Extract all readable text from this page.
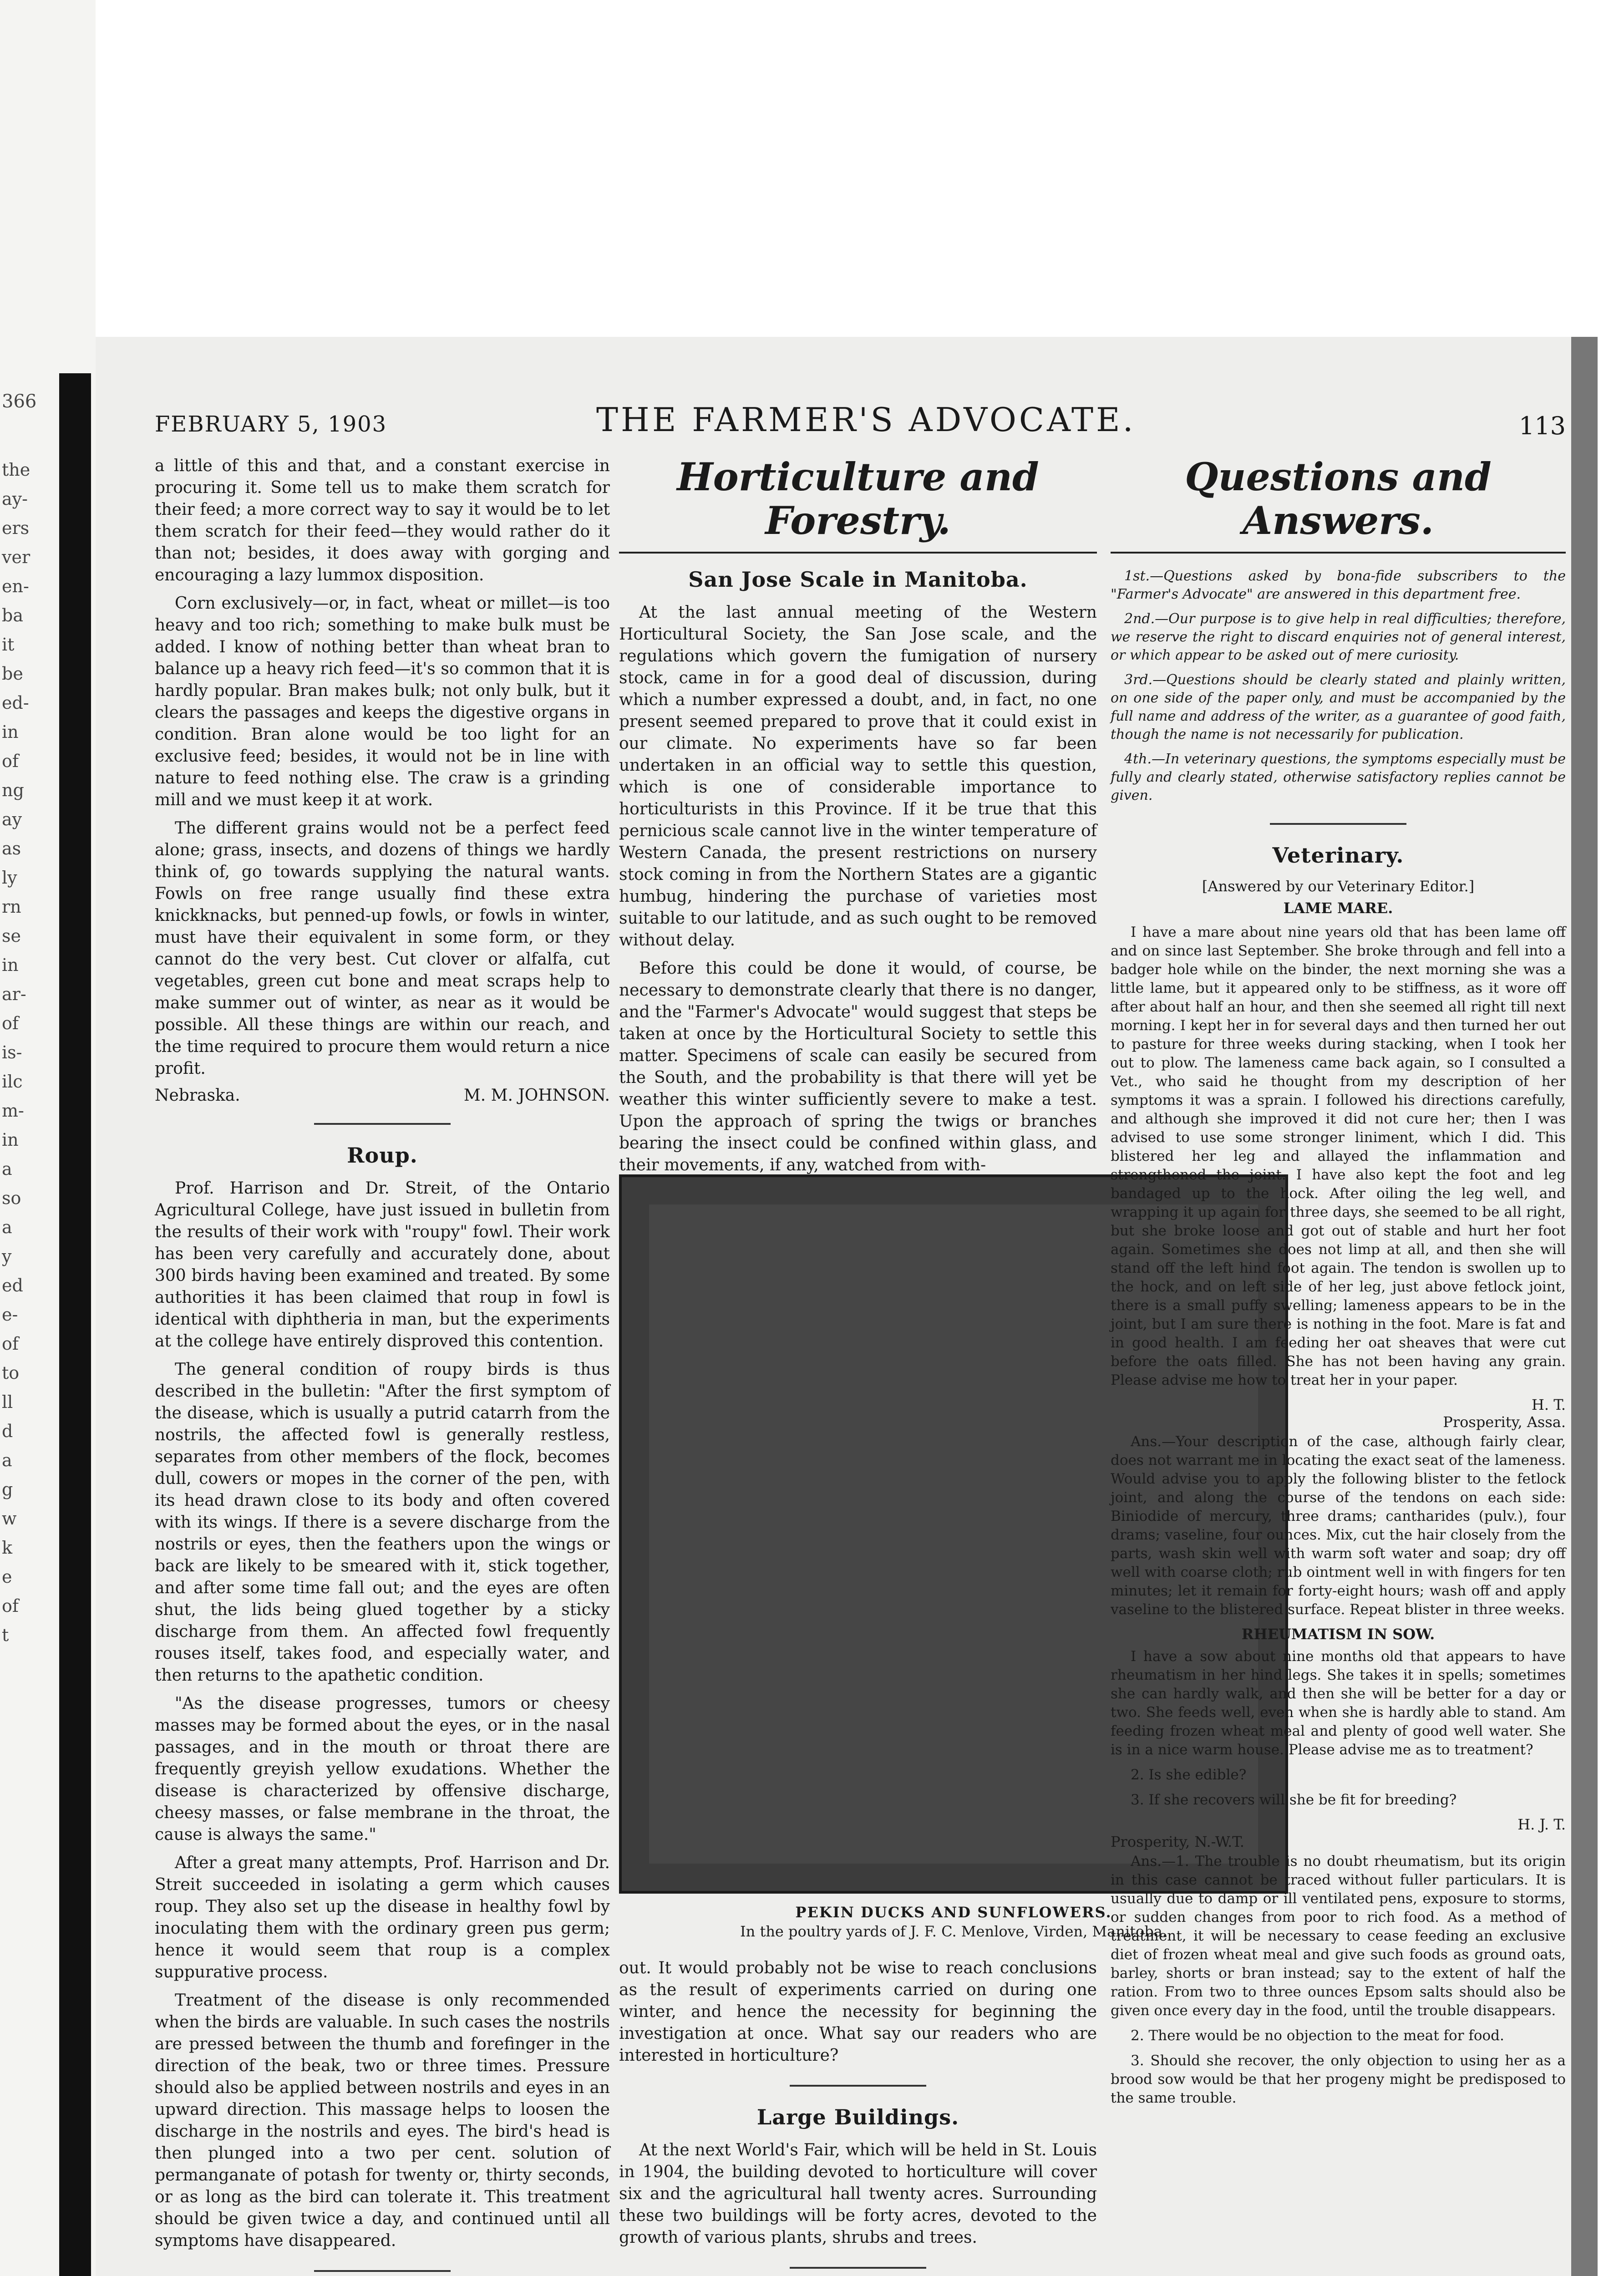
366
the
ay-
ers
ver
en-
ba
it
be
ed-
in
of
ng
ay
as
ly
rn
se
in
ar-
of
is-
ilc
m-
in
a
so
a
y
ed
e-
of
to
ll
d
a
g
w
k
e
of
t
FEBRUARY 5, 1903	THE FARMER'S ADVOCATE.	113

a little of this and that, and a constant exercise in procuring it. Some tell us to make them scratch for their feed; a more correct way to say it would be to let them scratch for their feed—they would rather do it than not; besides, it does away with gorging and encouraging a lazy lummox disposition.

Corn exclusively—or, in fact, wheat or millet—is too heavy and too rich; something to make bulk must be added. I know of nothing better than wheat bran to balance up a heavy rich feed—it's so common that it is hardly popular. Bran makes bulk; not only bulk, but it clears the passages and keeps the digestive organs in condition. Bran alone would be too light for an exclusive feed; besides, it would not be in line with nature to feed nothing else. The craw is a grinding mill and we must keep it at work.

The different grains would not be a perfect feed alone; grass, insects, and dozens of things we hardly think of, go towards supplying the natural wants. Fowls on free range usually find these extra knickknacks, but penned-up fowls, or fowls in winter, must have their equivalent in some form, or they cannot do the very best. Cut clover or alfalfa, cut vegetables, green cut bone and meat scraps help to make summer out of winter, as near as it would be possible. All these things are within our reach, and the time required to procure them would return a nice profit.

Nebraska.	M. M. JOHNSON.
Roup.

Prof. Harrison and Dr. Streit, of the Ontario Agricultural College, have just issued in bulletin from the results of their work with "roupy" fowl. Their work has been very carefully and accurately done, about 300 birds having been examined and treated. By some authorities it has been claimed that roup in fowl is identical with diphtheria in man, but the experiments at the college have entirely disproved this contention.

The general condition of roupy birds is thus described in the bulletin: "After the first symptom of the disease, which is usually a putrid catarrh from the nostrils, the affected fowl is generally restless, separates from other members of the flock, becomes dull, cowers or mopes in the corner of the pen, with its head drawn close to its body and often covered with its wings. If there is a severe discharge from the nostrils or eyes, then the feathers upon the wings or back are likely to be smeared with it, stick together, and after some time fall out; and the eyes are often shut, the lids being glued together by a sticky discharge from them. An affected fowl frequently rouses itself, takes food, and especially water, and then returns to the apathetic condition.

"As the disease progresses, tumors or cheesy masses may be formed about the eyes, or in the nasal passages, and in the mouth or throat there are frequently greyish yellow exudations. Whether the disease is characterized by offensive discharge, cheesy masses, or false membrane in the throat, the cause is always the same."

After a great many attempts, Prof. Harrison and Dr. Streit succeeded in isolating a germ which causes roup. They also set up the disease in healthy fowl by inoculating them with the ordinary green pus germ; hence it would seem that roup is a complex suppurative process.

Treatment of the disease is only recommended when the birds are valuable. In such cases the nostrils are pressed between the thumb and forefinger in the direction of the beak, two or three times. Pressure should also be applied between nostrils and eyes in an upward direction. This massage helps to loosen the discharge in the nostrils and eyes. The bird's head is then plunged into a two per cent. solution of permanganate of potash for twenty or, thirty seconds, or as long as the bird can tolerate it. This treatment should be given twice a day, and continued until all symptoms have disappeared.

Horticulture and Forestry.
San Jose Scale in Manitoba.

At the last annual meeting of the Western Horticultural Society, the San Jose scale, and the regulations which govern the fumigation of nursery stock, came in for a good deal of discussion, during which a number expressed a doubt, and, in fact, no one present seemed prepared to prove that it could exist in our climate. No experiments have so far been undertaken in an official way to settle this question, which is one of considerable importance to horticulturists in this Province. If it be true that this pernicious scale cannot live in the winter temperature of Western Canada, the present restrictions on nursery stock coming in from the Northern States are a gigantic humbug, hindering the purchase of varieties most suitable to our latitude, and as such ought to be removed without delay.

Before this could be done it would, of course, be necessary to demonstrate clearly that there is no danger, and the "Farmer's Advocate" would suggest that steps be taken at once by the Horticultural Society to settle this matter. Specimens of scale can easily be secured from the South, and the probability is that there will yet be weather this winter sufficiently severe to make a test. Upon the approach of spring the twigs or branches bearing the insect could be confined within glass, and their movements, if any, watched from with-

PEKIN DUCKS AND SUNFLOWERS.
In the poultry yards of J. F. C. Menlove, Virden, Manitoba.

out. It would probably not be wise to reach conclusions as the result of experiments carried on during one winter, and hence the necessity for beginning the investigation at once. What say our readers who are interested in horticulture?

Large Buildings.

At the next World's Fair, which will be held in St. Louis in 1904, the building devoted to horticulture will cover six and the agricultural hall twenty acres. Surrounding these two buildings will be forty acres, devoted to the growth of various plants, shrubs and trees.

Questions and Answers.

1st.—Questions asked by bona-fide subscribers to the "Farmer's Advocate" are answered in this department free.

2nd.—Our purpose is to give help in real difficulties; therefore, we reserve the right to discard enquiries not of general interest, or which appear to be asked out of mere curiosity.

3rd.—Questions should be clearly stated and plainly written, on one side of the paper only, and must be accompanied by the full name and address of the writer, as a guarantee of good faith, though the name is not necessarily for publication.

4th.—In veterinary questions, the symptoms especially must be fully and clearly stated, otherwise satisfactory replies cannot be given.

Veterinary.
[Answered by our Veterinary Editor.]
LAME MARE.

I have a mare about nine years old that has been lame off and on since last September. She broke through and fell into a badger hole while on the binder, the next morning she was a little lame, but it appeared only to be stiffness, as it wore off after about half an hour, and then she seemed all right till next morning. I kept her in for several days and then turned her out to pasture for three weeks during stacking, when I took her out to plow. The lameness came back again, so I consulted a Vet., who said he thought from my description of her symptoms it was a sprain. I followed his directions carefully, and although she improved it did not cure her; then I was advised to use some stronger liniment, which I did. This blistered her leg and allayed the inflammation and strengthened the joint. I have also kept the foot and leg bandaged up to the hock. After oiling the leg well, and wrapping it up again for three days, she seemed to be all right, but she broke loose and got out of stable and hurt her foot again. Sometimes she does not limp at all, and then she will stand off the left hind foot again. The tendon is swollen up to the hock, and on left side of her leg, just above fetlock joint, there is a small puffy swelling; lameness appears to be in the joint, but I am sure there is nothing in the foot. Mare is fat and in good health. I am feeding her oat sheaves that were cut before the oats filled. She has not been having any grain. Please advise me how to treat her in your paper.

H. T.
Prosperity, Assa.

Ans.—Your description of the case, although fairly clear, does not warrant me in locating the exact seat of the lameness. Would advise you to apply the following blister to the fetlock joint, and along the course of the tendons on each side: Biniodide of mercury, three drams; cantharides (pulv.), four drams; vaseline, four ounces. Mix, cut the hair closely from the parts, wash skin well with warm soft water and soap; dry off well with coarse cloth; rub ointment well in with fingers for ten minutes; let it remain for forty-eight hours; wash off and apply vaseline to the blistered surface. Repeat blister in three weeks.

RHEUMATISM IN SOW.

I have a sow about nine months old that appears to have rheumatism in her hind legs. She takes it in spells; sometimes she can hardly walk, and then she will be better for a day or two. She feeds well, even when she is hardly able to stand. Am feeding frozen wheat meal and plenty of good well water. She is in a nice warm house. Please advise me as to treatment?

2. Is she edible?

3. If she recovers will she be fit for breeding?

H. J. T.
Prosperity, N.-W.T.

Ans.—1. The trouble is no doubt rheumatism, but its origin in this case cannot be traced without fuller particulars. It is usually due to damp or ill ventilated pens, exposure to storms, or sudden changes from poor to rich food. As a method of treatment, it will be necessary to cease feeding an exclusive diet of frozen wheat meal and give such foods as ground oats, barley, shorts or bran instead; say to the extent of half the ration. From two to three ounces Epsom salts should also be given once every day in the food, until the trouble disappears.

2. There would be no objection to the meat for food.

3. Should she recover, the only objection to using her as a brood sow would be that her progeny might be predisposed to the same trouble.
